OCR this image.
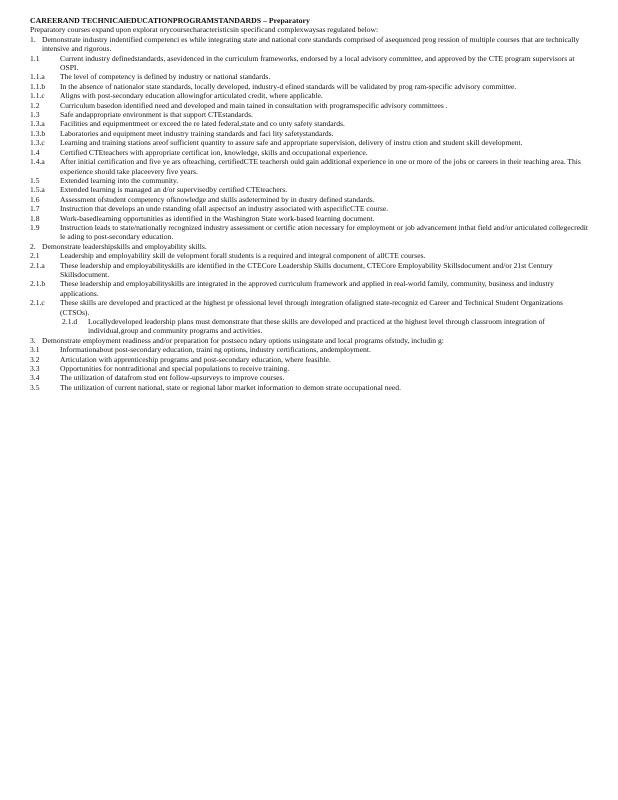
CAREERAND TECHNICAlEDUCATIONPROGRAMSTANDARDS – Preparatory
Preparatory courses expand upon explorat orycoursecharacteristicsin specificand complexwaysas regulated below:
1. Demonstrate industry indentified competenci es while integrating state and national core standards comprised of asequenced prog ression of multiple courses that are technically intensive and rigorous.
1.1	Current industry definedstandards, asevidenced in the curriculum frameworks, endorsed by a local advisory committee, and approved by the CTE program supervisors at OSPI.
1.1.a	The level of competency is defined by industry or national standards.
1.1.b	In the absence of nationalor state standards, locally developed, industry-d efined standards will be validated by prog ram-specific advisory committee.
1.1.c	Aligns with post-secondary education allowingfor articulated credit, where applicable.
1.2	Curriculum basedon identified need and developed and main tained in consultation with programspecific advisory committees .
1.3	Safe andappropriate environment is that support CTEstandards.
1.3.a	Facilities and equipmentmeet or exceed the re lated federal,state and co unty safety standards.
1.3.b	Laboratories and equipment meet industry training standards and faci lity safetystandards.
1.3.c	Learning and training stations areof sufficient quantity to assure safe and appropriate supervision, delivery of instru ction and student skill development.
1.4	Certified CTEteachers with appropriate certificat ion, knowledge, skills and occupational experience.
1.4.a	After initial certification and five ye ars ofteaching, certifiedCTE teachersh ould gain additional experience in one or more of the jobs or careers in their teaching area. This experience should take placeevery five years.
1.5	Extended learning into the community.
1.5.a	Extended learning is managed an d/or supervisedby certified CTEteachers.
1.6	Assessment ofstudent competency ofknowledge and skills asdetermined by in dustry defined standards.
1.7	Instruction that develops an unde rstanding ofall aspectsof an industry associated with aspecificCTE course.
1.8	Work-basedlearning opportunities as identified in the Washington State work-based learning document.
1.9	Instruction leads to state/nationally recognized industry assessment or certific ation necessary for employment or job advancement inthat field and/or articulated collegecredit le ading to post-secondary education.
2. Demonstrate leadershipskills and employability skills.
2.1	Leadership and employability skill de velopment forall students is a required and integral component of allCTE courses.
2.1.a	These leadership and employabilityskills are identified in the CTECore Leadership Skills document, CTECore Employability Skillsdocument and/or 21st Century Skillsdocument.
2.1.b	These leadership and employabilityskills are integrated in the approved curriculum framework and applied in real-world family, community, business and industry applications.
2.1.c	These skills are developed and practiced at the highest pr ofessional level through integration ofaligned state-recogniz ed Career and Technical Student Organizations (CTSOs).
2.1.d	Locallydeveloped leadership plans must demonstrate that these skills are developed and practiced at the highest level through classroom integration of individual,group and community programs and activities.
3. Demonstrate employment readiness and/or preparation for postseco ndary options usingstate and local programs ofstudy, includin g:
3.1	Informationabout post-secondary education, traini ng options, industry certifications, andemployment.
3.2	Articulation with apprenticeship programs and post-secondary education, where feasible.
3.3	Opportunities for nontraditional and special populations to receive training.
3.4	The utilization of datafrom stud ent follow-upsurveys to improve courses.
3.5	The utilization of current national, state or regional labor market information to demon strate occupational need.
